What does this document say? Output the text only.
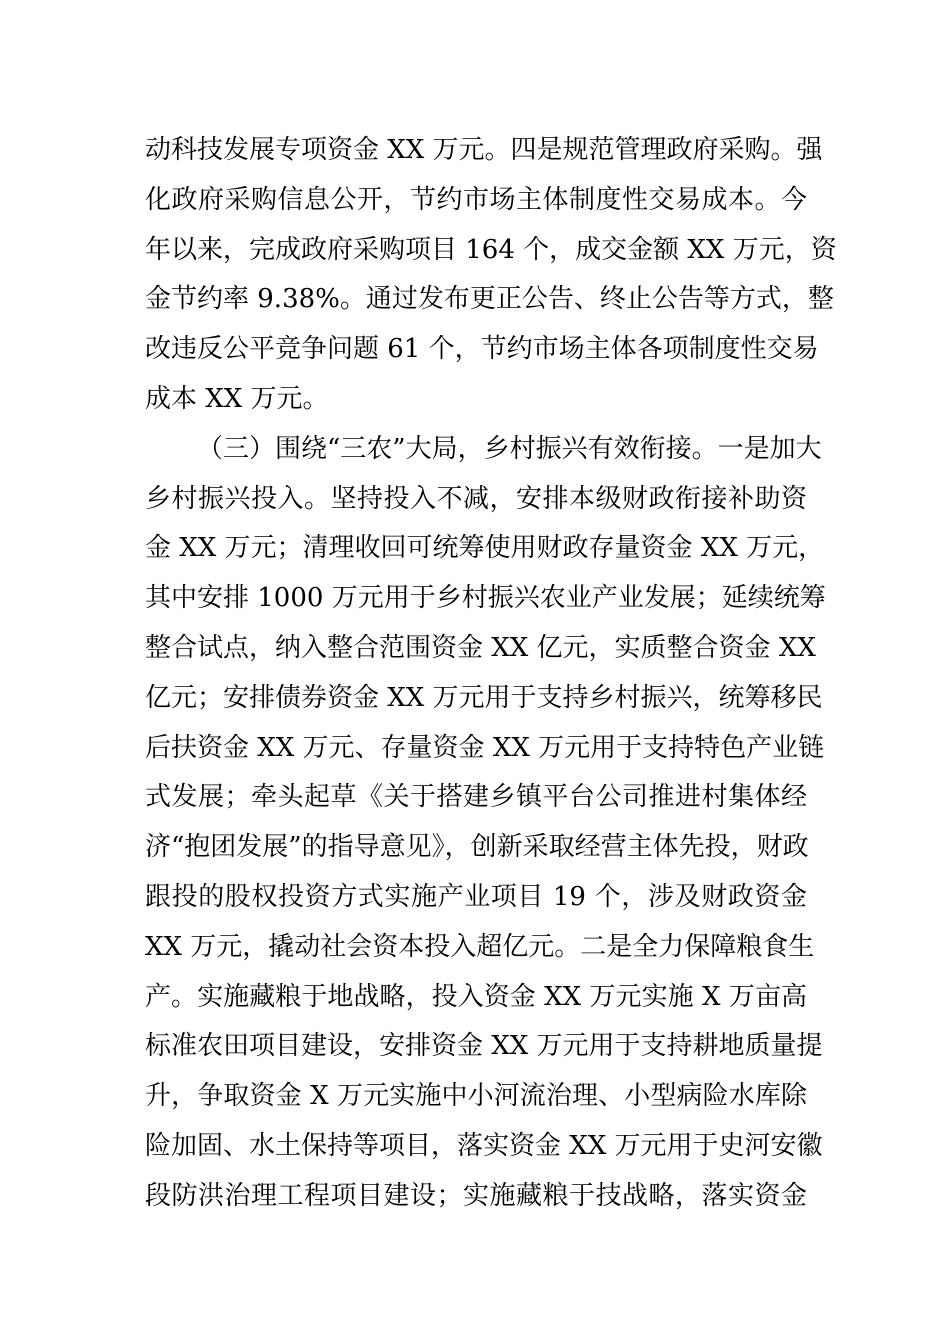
动科技发展专项资金 XX 万元。四是规范管理政府采购。强
化政府采购信息公开，节约市场主体制度性交易成本。今
年以来，完成政府采购项目 164 个，成交金额 XX 万元，资
金节约率 9.38%。通过发布更正公告、终止公告等方式，整
改违反公平竞争问题 61 个，节约市场主体各项制度性交易
成本 XX 万元。
（三）围绕“三农”大局，乡村振兴有效衔接。一是加大
乡村振兴投入。坚持投入不减，安排本级财政衔接补助资
金 XX 万元；清理收回可统筹使用财政存量资金 XX 万元，
其中安排 1000 万元用于乡村振兴农业产业发展；延续统筹
整合试点，纳入整合范围资金 XX 亿元，实质整合资金 XX
亿元；安排债券资金 XX 万元用于支持乡村振兴，统筹移民
后扶资金 XX 万元、存量资金 XX 万元用于支持特色产业链
式发展；牵头起草《关于搭建乡镇平台公司推进村集体经
济“抱团发展”的指导意见》，创新采取经营主体先投，财政
跟投的股权投资方式实施产业项目 19 个，涉及财政资金
XX 万元，撬动社会资本投入超亿元。二是全力保障粮食生
产。实施藏粮于地战略，投入资金 XX 万元实施 X 万亩高
标准农田项目建设，安排资金 XX 万元用于支持耕地质量提
升，争取资金 X 万元实施中小河流治理、小型病险水库除
险加固、水土保持等项目，落实资金 XX 万元用于史河安徽
段防洪治理工程项目建设；实施藏粮于技战略，落实资金
